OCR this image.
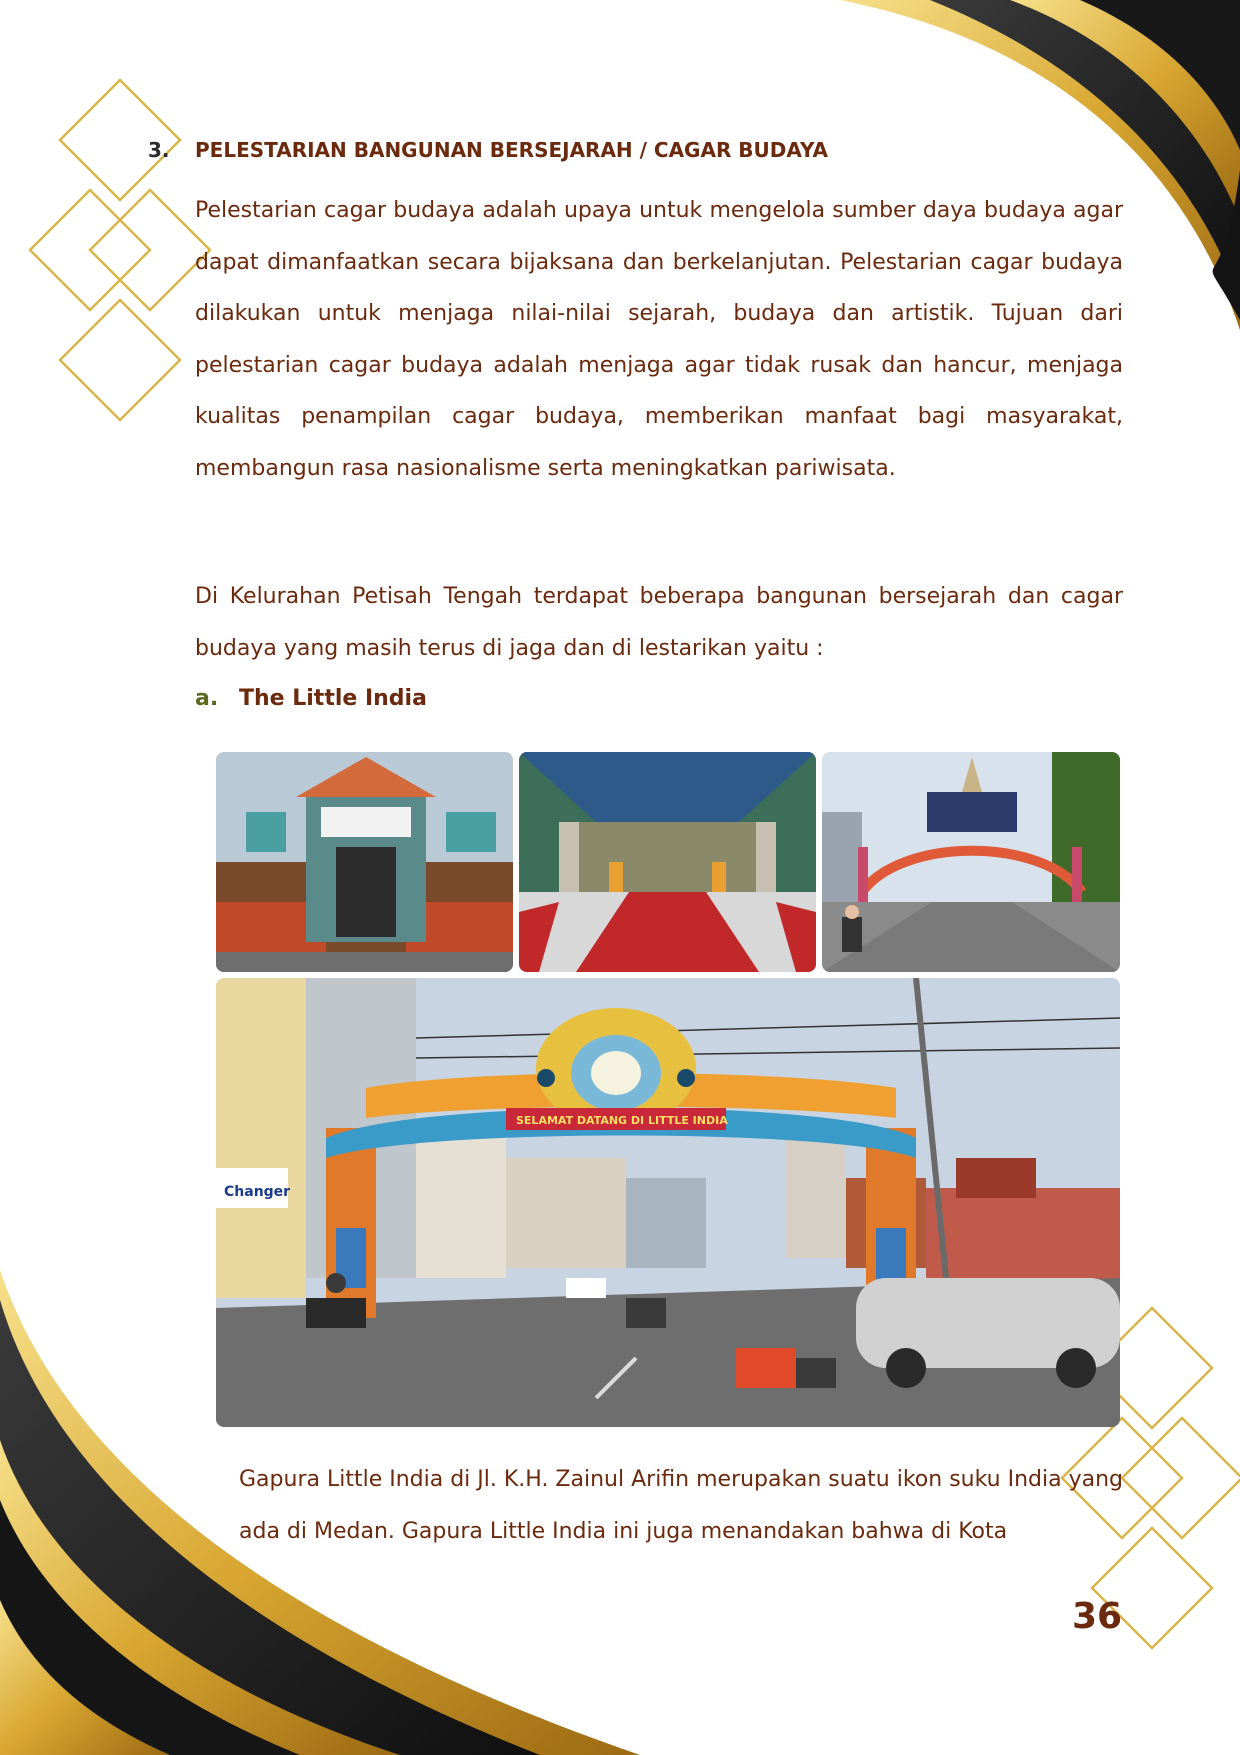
3. PELESTARIAN BANGUNAN BERSEJARAH / CAGAR BUDAYA

Pelestarian cagar budaya adalah upaya untuk mengelola sumber daya budaya agar dapat dimanfaatkan secara bijaksana dan berkelanjutan. Pelestarian cagar budaya dilakukan untuk menjaga nilai-nilai sejarah, budaya dan artistik. Tujuan dari pelestarian cagar budaya adalah menjaga agar tidak rusak dan hancur, menjaga kualitas penampilan cagar budaya, memberikan manfaat bagi masyarakat, membangun rasa nasionalisme serta meningkatkan pariwisata.

Di Kelurahan Petisah Tengah terdapat beberapa bangunan bersejarah dan cagar budaya yang masih terus di jaga dan di lestarikan yaitu :

a. The Little India
Changer
SELAMAT DATANG DI LITTLE INDIA

Gapura Little India di Jl. K.H. Zainul Arifin merupakan suatu ikon suku India yang ada di Medan. Gapura Little India ini juga menandakan bahwa di Kota

36
